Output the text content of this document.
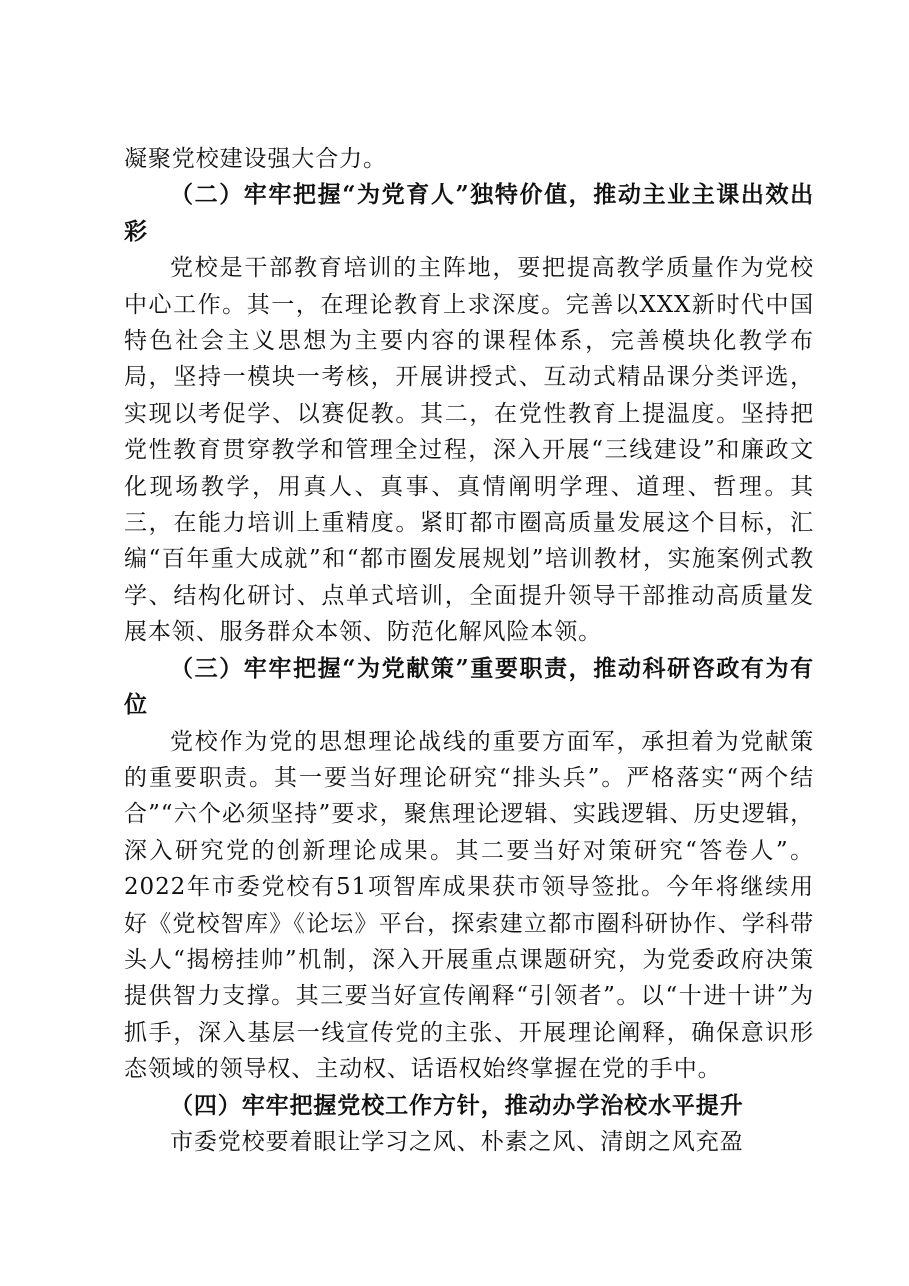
凝聚党校建设强大合力。

（二）牢牢把握“为党育人”独特价值，推动主业主课出效出彩

党校是干部教育培训的主阵地，要把提高教学质量作为党校中心工作。其一，在理论教育上求深度。完善以XXX新时代中国特色社会主义思想为主要内容的课程体系，完善模块化教学布局，坚持一模块一考核，开展讲授式、互动式精品课分类评选，实现以考促学、以赛促教。其二，在党性教育上提温度。坚持把党性教育贯穿教学和管理全过程，深入开展“三线建设”和廉政文化现场教学，用真人、真事、真情阐明学理、道理、哲理。其三，在能力培训上重精度。紧盯都市圈高质量发展这个目标，汇编“百年重大成就”和“都市圈发展规划”培训教材，实施案例式教学、结构化研讨、点单式培训，全面提升领导干部推动高质量发展本领、服务群众本领、防范化解风险本领。

（三）牢牢把握“为党献策”重要职责，推动科研咨政有为有位

党校作为党的思想理论战线的重要方面军，承担着为党献策的重要职责。其一要当好理论研究“排头兵”。严格落实“两个结合”“六个必须坚持”要求，聚焦理论逻辑、实践逻辑、历史逻辑，深入研究党的创新理论成果。其二要当好对策研究“答卷人”。2022年市委党校有51项智库成果获市领导签批。今年将继续用好《党校智库》《论坛》平台，探索建立都市圈科研协作、学科带头人“揭榜挂帅”机制，深入开展重点课题研究，为党委政府决策提供智力支撑。其三要当好宣传阐释“引领者”。以“十进十讲”为抓手，深入基层一线宣传党的主张、开展理论阐释，确保意识形态领域的领导权、主动权、话语权始终掌握在党的手中。

（四）牢牢把握党校工作方针，推动办学治校水平提升

市委党校要着眼让学习之风、朴素之风、清朗之风充盈
